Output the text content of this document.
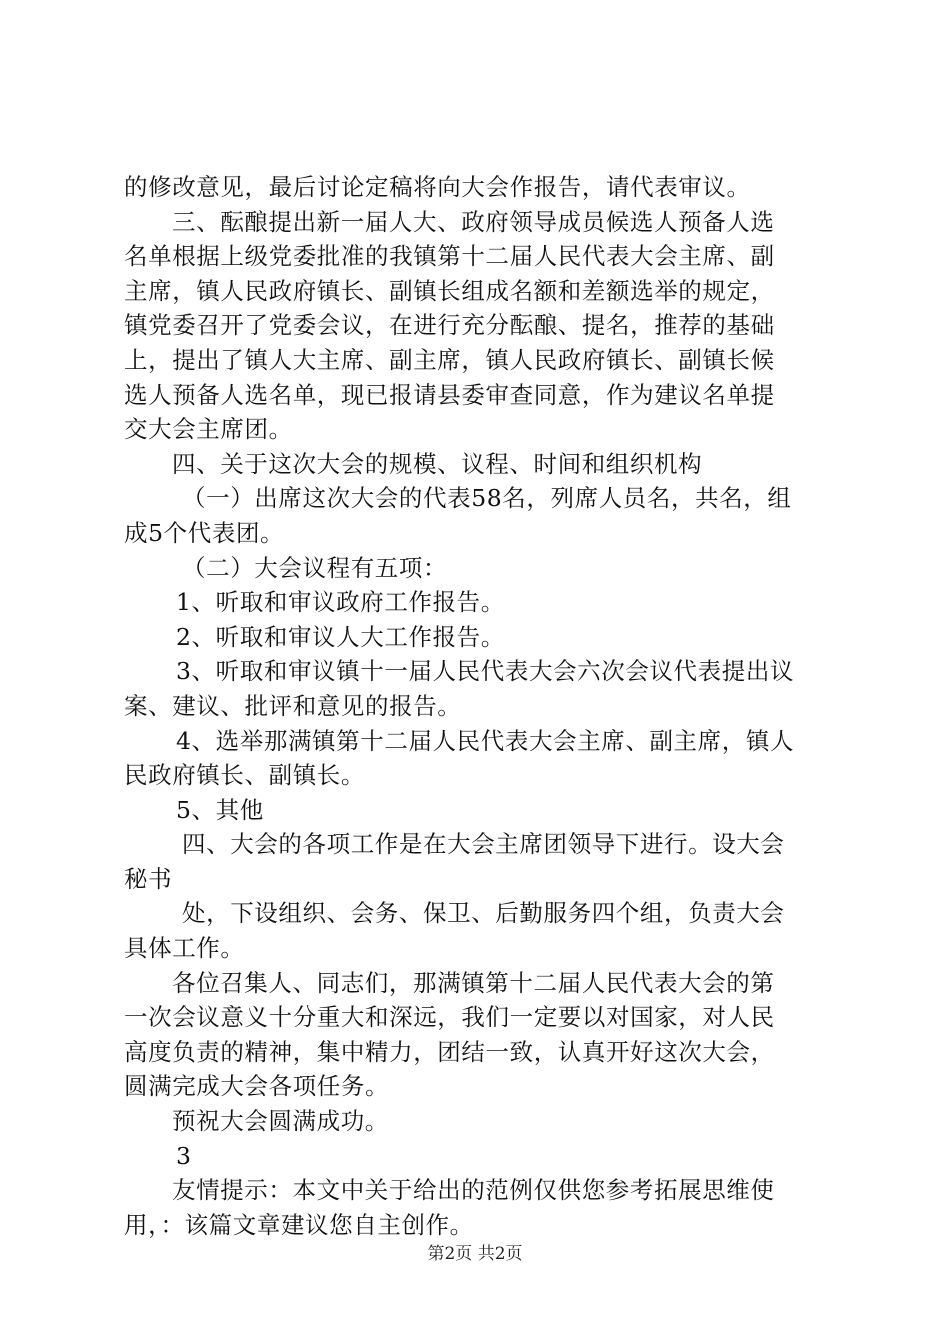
的修改意见，最后讨论定稿将向大会作报告，请代表审议。
三、酝酿提出新一届人大、政府领导成员候选人预备人选
名单根据上级党委批准的我镇第十二届人民代表大会主席、副
主席，镇人民政府镇长、副镇长组成名额和差额选举的规定，
镇党委召开了党委会议，在进行充分酝酿、提名，推荐的基础
上，提出了镇人大主席、副主席，镇人民政府镇长、副镇长候
选人预备人选名单，现已报请县委审查同意，作为建议名单提
交大会主席团。
四、关于这次大会的规模、议程、时间和组织机构
（一）出席这次大会的代表58名，列席人员名，共名，组
成5个代表团。
（二）大会议程有五项：
1、听取和审议政府工作报告。
2、听取和审议人大工作报告。
3、听取和审议镇十一届人民代表大会六次会议代表提出议
案、建议、批评和意见的报告。
4、选举那满镇第十二届人民代表大会主席、副主席，镇人
民政府镇长、副镇长。
5、其他
四、大会的各项工作是在大会主席团领导下进行。设大会
秘书
处，下设组织、会务、保卫、后勤服务四个组，负责大会
具体工作。
各位召集人、同志们，那满镇第十二届人民代表大会的第
一次会议意义十分重大和深远，我们一定要以对国家，对人民
高度负责的精神，集中精力，团结一致，认真开好这次大会，
圆满完成大会各项任务。
预祝大会圆满成功。
3
友情提示：本文中关于给出的范例仅供您参考拓展思维使
用，：该篇文章建议您自主创作。
第2页 共2页
